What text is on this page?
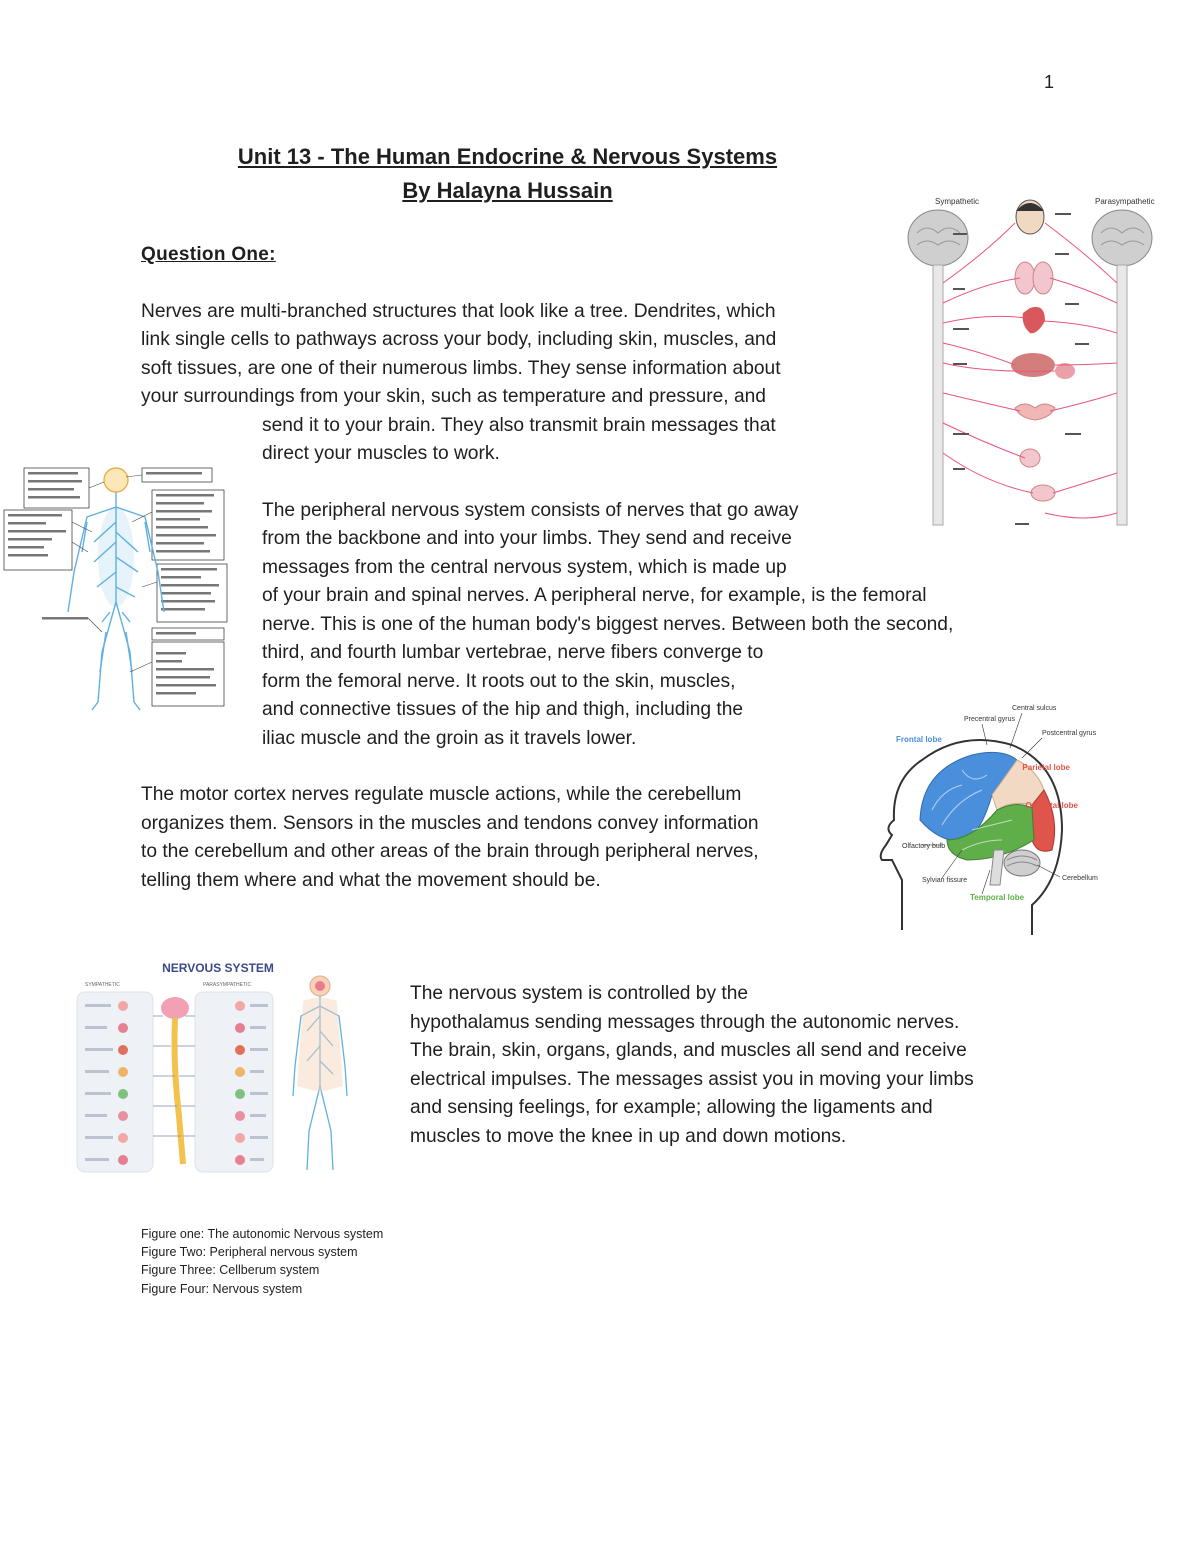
1
Unit 13 - The Human Endocrine & Nervous Systems
By Halayna Hussain
Question One:
Nerves are multi-branched structures that look like a tree. Dendrites, which
link single cells to pathways across your body, including skin, muscles, and
soft tissues, are one of their numerous limbs. They sense information about
your surroundings from your skin, such as temperature and pressure, and
send it to your brain. They also transmit brain messages that
direct your muscles to work.
The peripheral nervous system consists of nerves that go away
from the backbone and into your limbs. They send and receive
messages from the central nervous system, which is made up
of your brain and spinal nerves. A peripheral nerve, for example, is the femoral
nerve. This is one of the human body's biggest nerves. Between both the second,
third, and fourth lumbar vertebrae, nerve fibers converge to
form the femoral nerve. It roots out to the skin, muscles,
and connective tissues of the hip and thigh, including the
iliac muscle and the groin as it travels lower.
The motor cortex nerves regulate muscle actions, while the cerebellum
organizes them. Sensors in the muscles and tendons convey information
to the cerebellum and other areas of the brain through peripheral nerves,
telling them where and what the movement should be.
The nervous system is controlled by the
hypothalamus sending messages through the autonomic nerves.
The brain, skin, organs, glands, and muscles all send and receive
electrical impulses. The messages assist you in moving your limbs
and sensing feelings, for example; allowing the ligaments and
muscles to move the knee in up and down motions.
Figure one: The autonomic Nervous system
Figure Two: Peripheral nervous system
Figure Three: Cellberum system
Figure Four: Nervous system
Sympathetic	Parasympathetic
Frontal lobe
Parietal lobe
Occipital lobe
Temporal lobe
Precentral gyrus
Central sulcus
Postcentral gyrus
Olfactory bulb
Sylvian fissure	Cerebellum
NERVOUS SYSTEM
SYMPATHETIC	PARASYMPATHETIC
